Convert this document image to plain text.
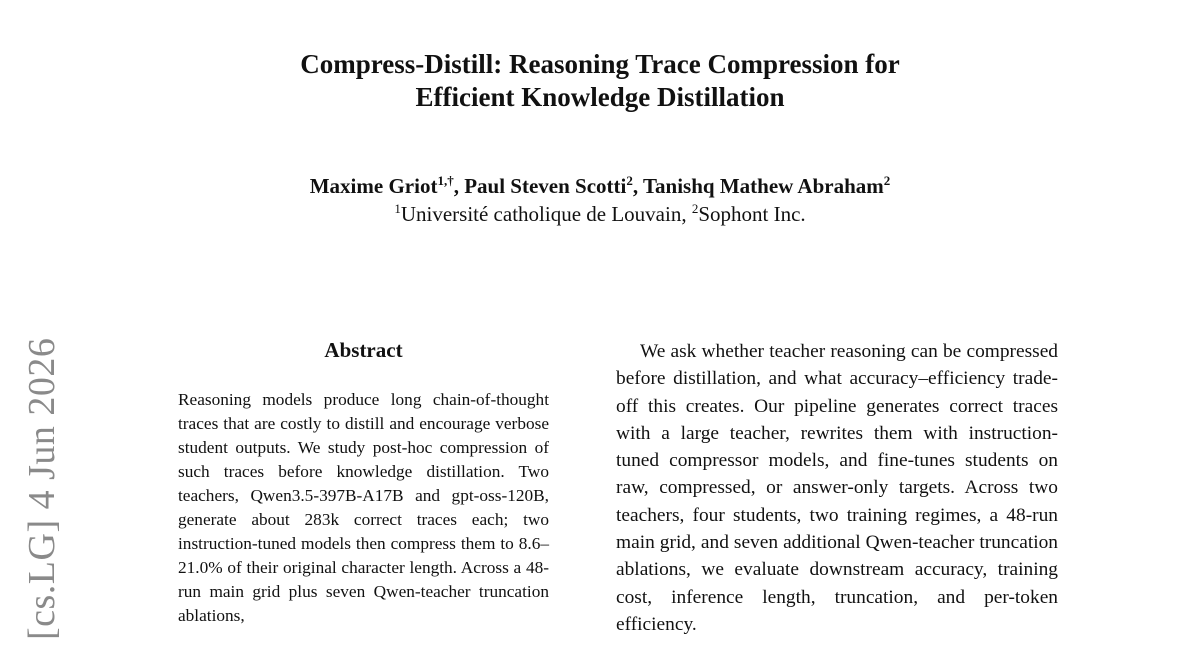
[cs.LG] 4 Jun 2026
Compress-Distill: Reasoning Trace Compression for
Efficient Knowledge Distillation
Maxime Griot$^{1,\dagger}$, Paul Steven Scotti$^2$, Tanishq Mathew Abraham$^2$
$^1$Université catholique de Louvain, $^2$Sophont Inc.
Abstract

Reasoning models produce long chain-of-thought traces that are costly to distill and encourage verbose student outputs. We study post-hoc compression of such traces before knowledge distillation. Two teachers, Qwen3.5-397B-A17B and gpt-oss-120B, generate about 283k correct traces each; two instruction-tuned models then compress them to 8.6–21.0% of their original character length. Across a 48-run main grid plus seven Qwen-teacher truncation ablations,

We ask whether teacher reasoning can be compressed before distillation, and what accuracy–efficiency trade-off this creates. Our pipeline generates correct traces with a large teacher, rewrites them with instruction-tuned compressor models, and fine-tunes students on raw, compressed, or answer-only targets. Across two teachers, four students, two training regimes, a 48-run main grid, and seven additional Qwen-teacher truncation ablations, we evaluate downstream accuracy, training cost, inference length, truncation, and per-token efficiency.
